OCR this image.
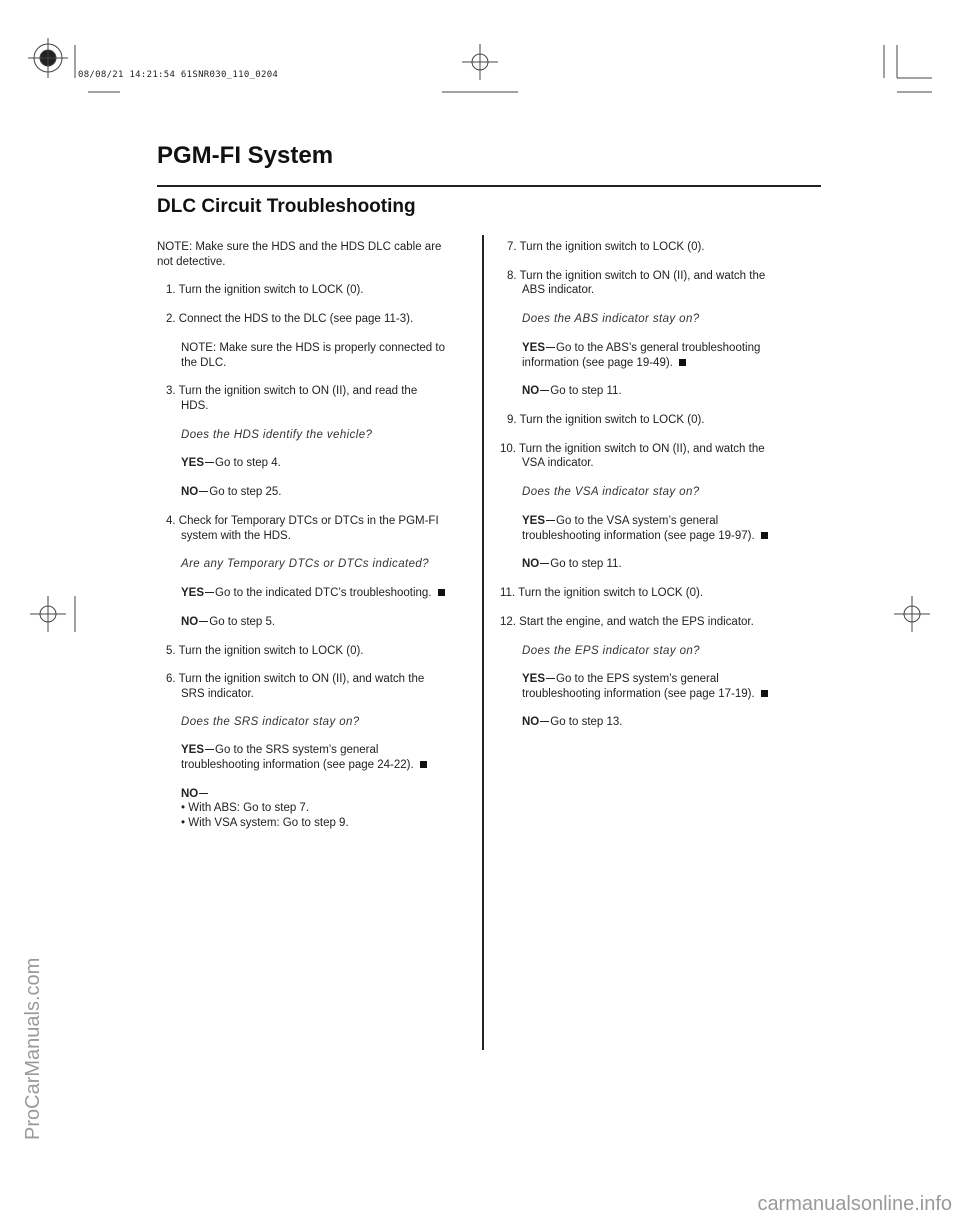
08/08/21 14:21:54 61SNR030_110_0204
PGM-FI System
DLC Circuit Troubleshooting
ProCarManuals.com
carmanualsonline.info

NOTE: Make sure the HDS and the HDS DLC cable are

not detective.

1. Turn the ignition switch to LOCK (0).

2. Connect the HDS to the DLC (see page 11-3).

NOTE: Make sure the HDS is properly connected to

the DLC.

3. Turn the ignition switch to ON (II), and read the

HDS.

Does the HDS identify the vehicle?

YES Go to step 4.

NO Go to step 25.

4. Check for Temporary DTCs or DTCs in the PGM-FI

system with the HDS.

Are any Temporary DTCs or DTCs indicated?

YES Go to the indicated DTC’s troubleshooting.

NO Go to step 5.

5. Turn the ignition switch to LOCK (0).

6. Turn the ignition switch to ON (II), and watch the

SRS indicator.

Does the SRS indicator stay on?

YES Go to the SRS system’s general

troubleshooting information (see page 24-22).

NO

• With ABS: Go to step 7.

• With VSA system: Go to step 9.

7. Turn the ignition switch to LOCK (0).

8. Turn the ignition switch to ON (II), and watch the

ABS indicator.

Does the ABS indicator stay on?

YES Go to the ABS’s general troubleshooting

information (see page 19-49).

NO Go to step 11.

9. Turn the ignition switch to LOCK (0).

10. Turn the ignition switch to ON (II), and watch the

VSA indicator.

Does the VSA indicator stay on?

YES Go to the VSA system’s general

troubleshooting information (see page 19-97).

NO Go to step 11.

11. Turn the ignition switch to LOCK (0).

12. Start the engine, and watch the EPS indicator.

Does the EPS indicator stay on?

YES Go to the EPS system’s general

troubleshooting information (see page 17-19).

NO Go to step 13.
